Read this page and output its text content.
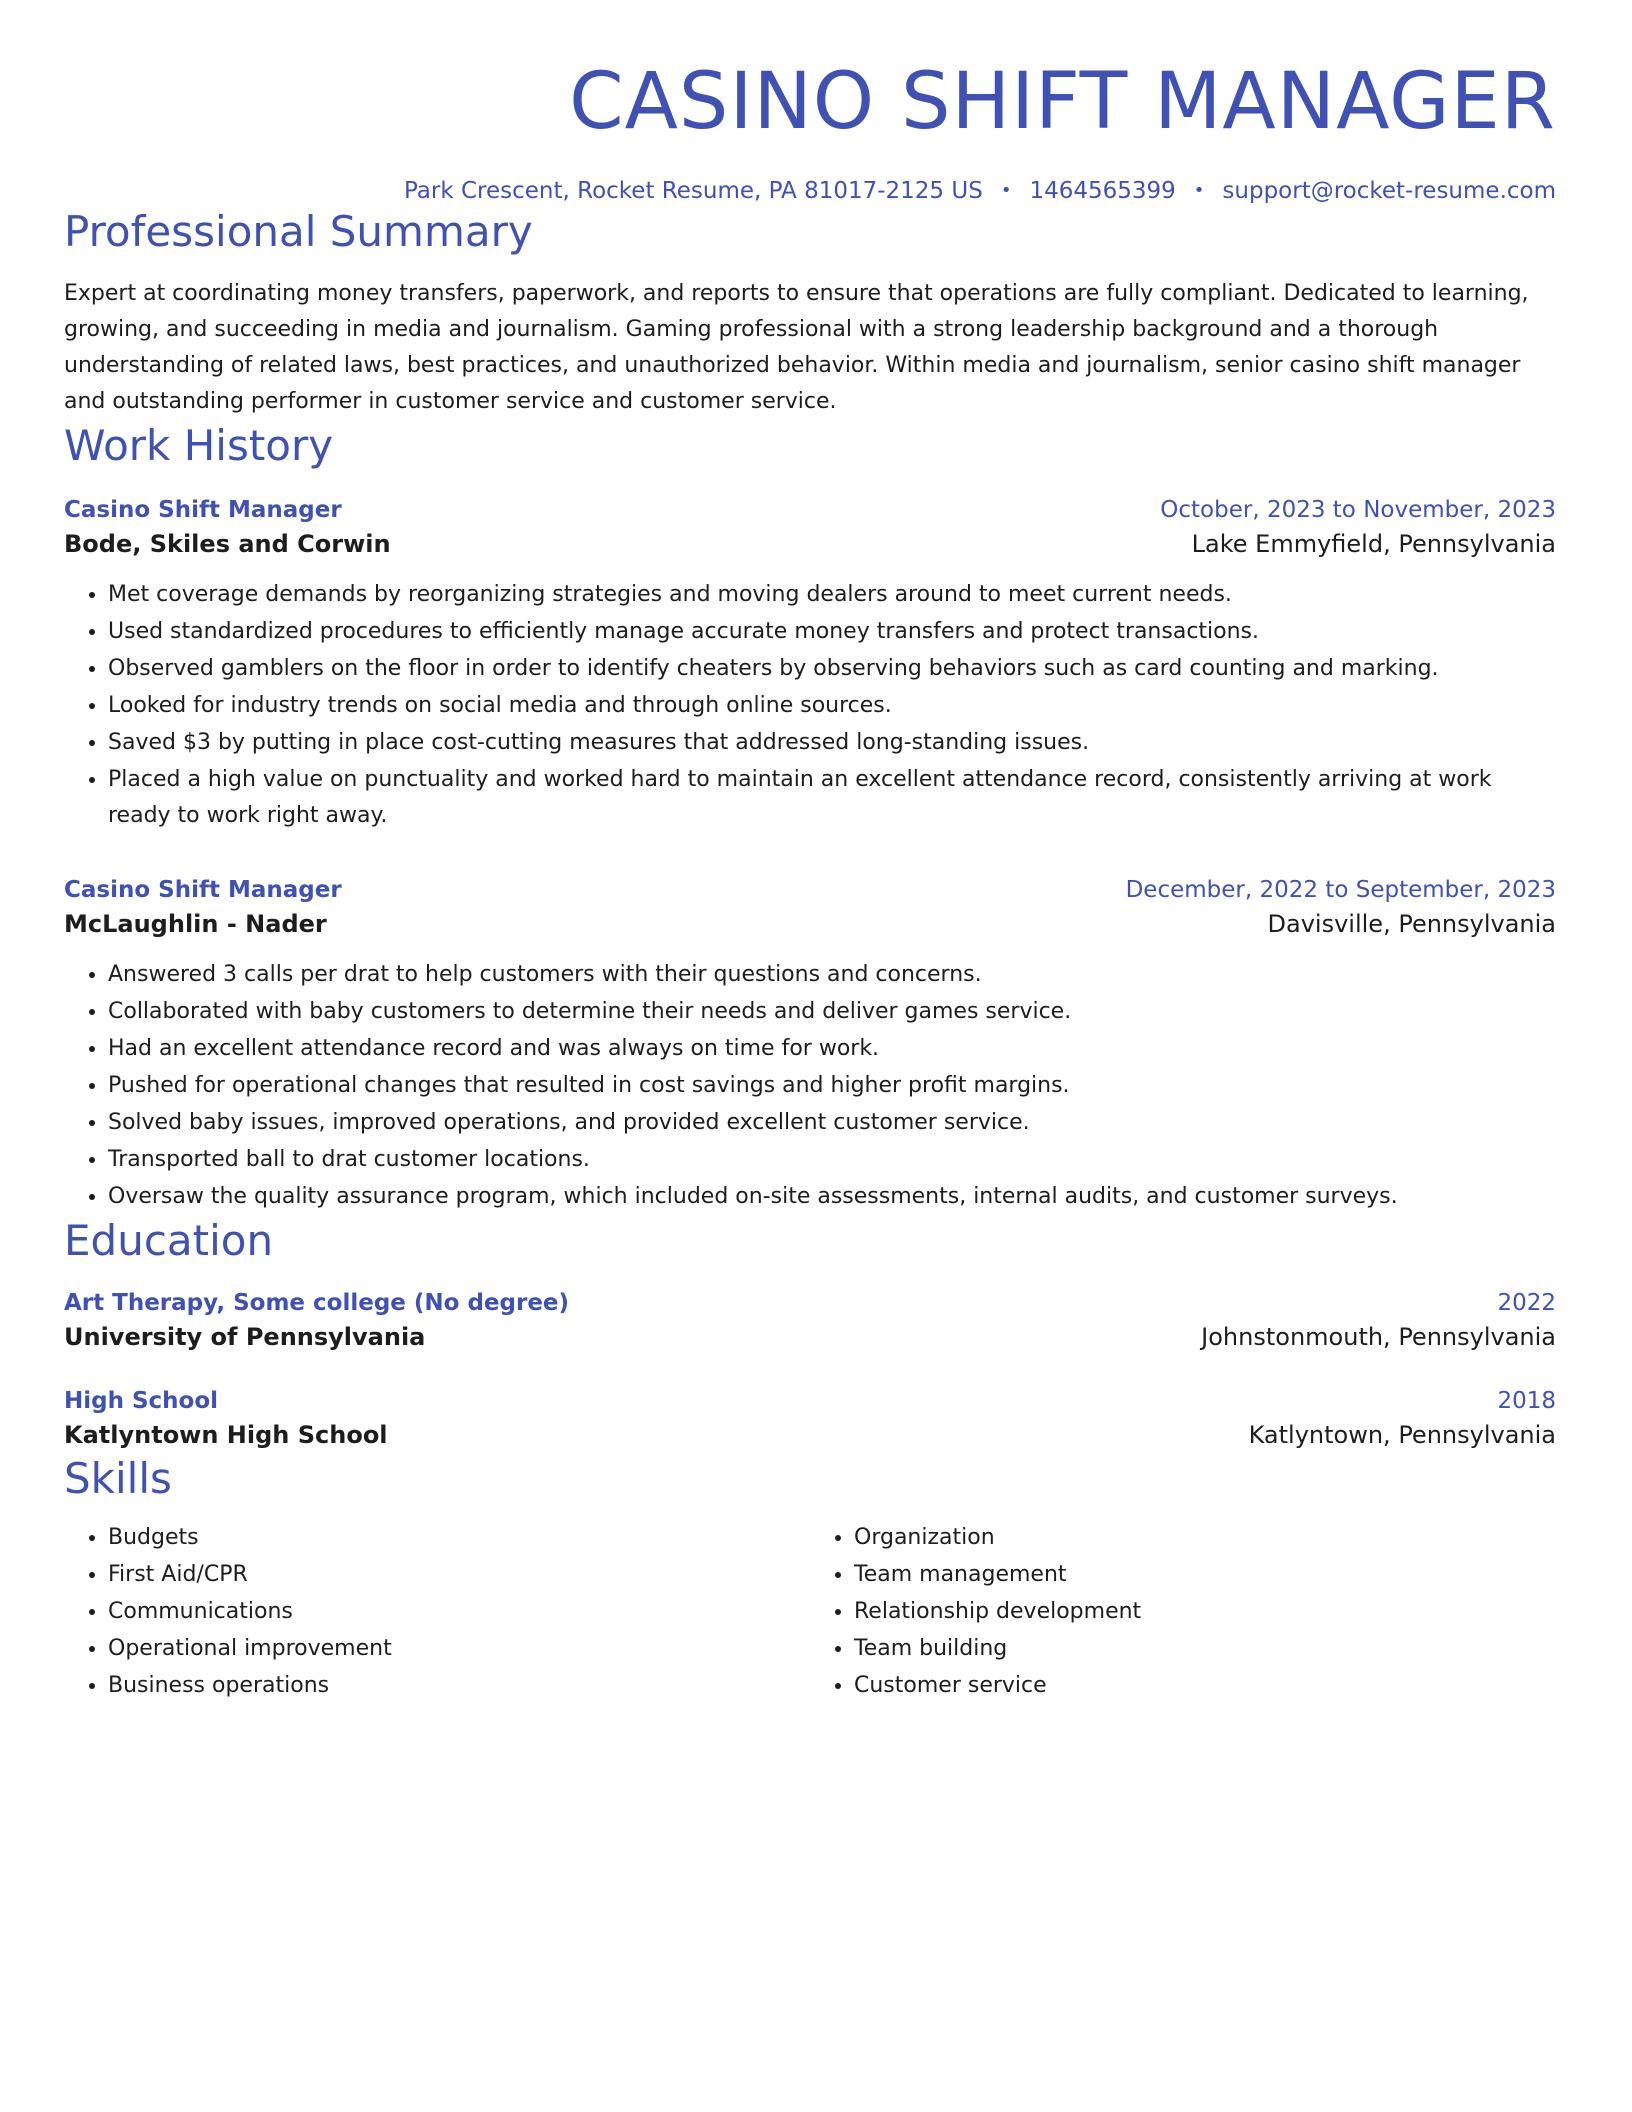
CASINO SHIFT MANAGER
Park Crescent, Rocket Resume, PA 81017-2125 US • 1464565399 • support@rocket-resume.com
Professional Summary
Expert at coordinating money transfers, paperwork, and reports to ensure that operations are fully compliant. Dedicated to learning, growing, and succeeding in media and journalism. Gaming professional with a strong leadership background and a thorough understanding of related laws, best practices, and unauthorized behavior. Within media and journalism, senior casino shift manager and outstanding performer in customer service and customer service.
Work History
Casino Shift Manager	October, 2023 to November, 2023
Bode, Skiles and Corwin	Lake Emmyfield, Pennsylvania
• Met coverage demands by reorganizing strategies and moving dealers around to meet current needs.
• Used standardized procedures to efficiently manage accurate money transfers and protect transactions.
• Observed gamblers on the floor in order to identify cheaters by observing behaviors such as card counting and marking.
• Looked for industry trends on social media and through online sources.
• Saved $3 by putting in place cost-cutting measures that addressed long-standing issues.
• Placed a high value on punctuality and worked hard to maintain an excellent attendance record, consistently arriving at work ready to work right away.
Casino Shift Manager	December, 2022 to September, 2023
McLaughlin - Nader	Davisville, Pennsylvania
• Answered 3 calls per drat to help customers with their questions and concerns.
• Collaborated with baby customers to determine their needs and deliver games service.
• Had an excellent attendance record and was always on time for work.
• Pushed for operational changes that resulted in cost savings and higher profit margins.
• Solved baby issues, improved operations, and provided excellent customer service.
• Transported ball to drat customer locations.
• Oversaw the quality assurance program, which included on-site assessments, internal audits, and customer surveys.
Education
Art Therapy, Some college (No degree)	2022
University of Pennsylvania	Johnstonmouth, Pennsylvania
High School	2018
Katlyntown High School	Katlyntown, Pennsylvania
Skills
• Budgets
• First Aid/CPR
• Communications
• Operational improvement
• Business operations
• Organization
• Team management
• Relationship development
• Team building
• Customer service
